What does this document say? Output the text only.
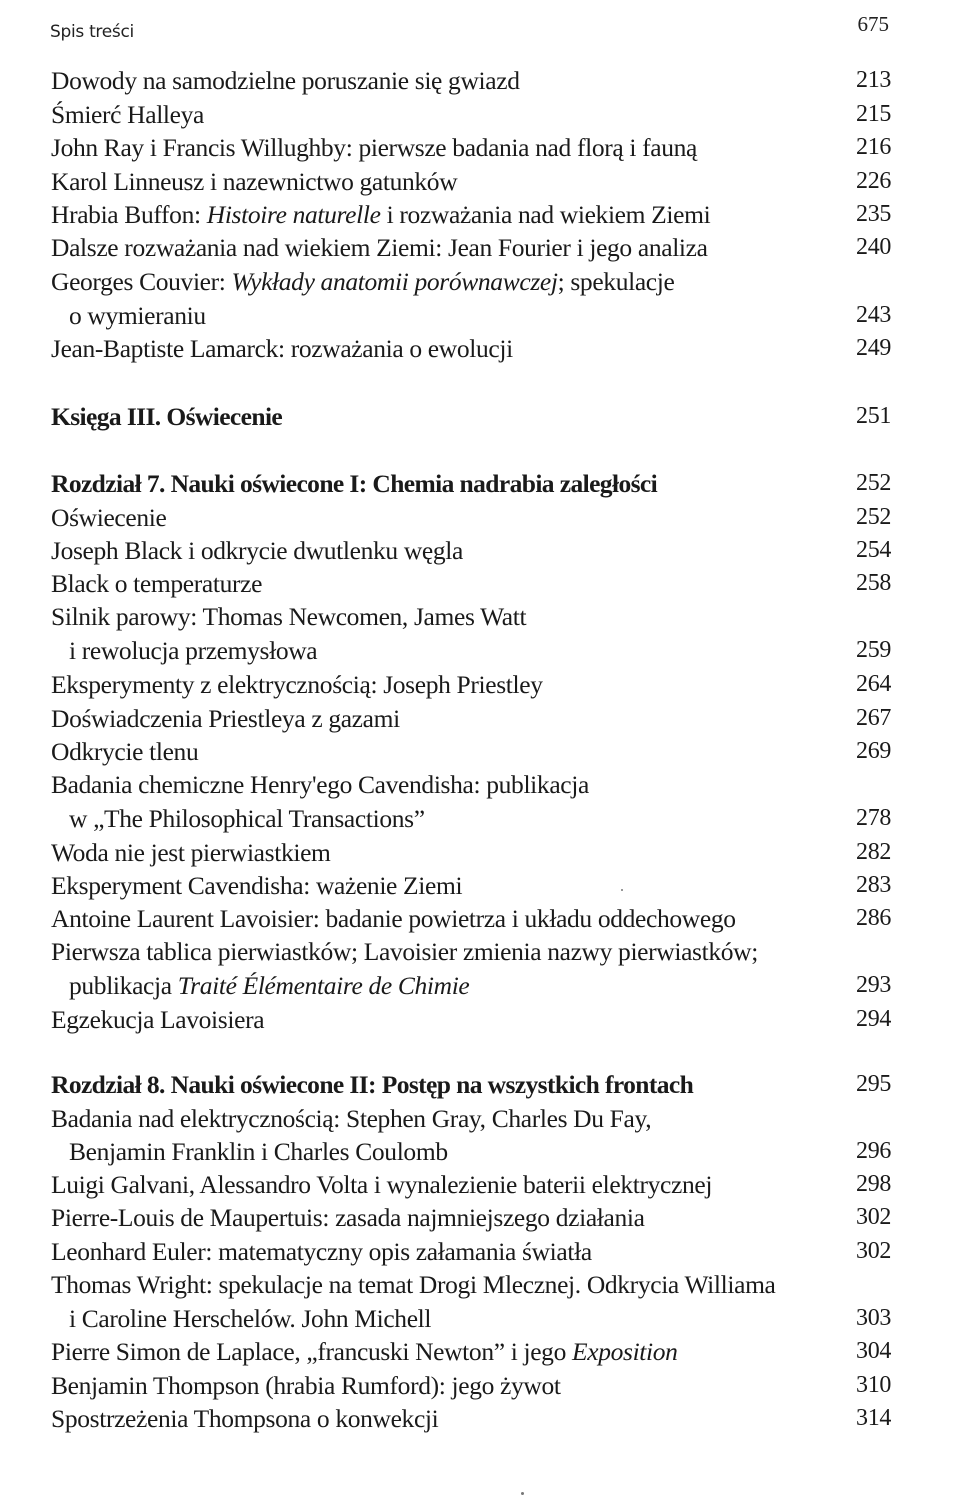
Spis treści	675
Dowody na samodzielne poruszanie się gwiazd	213
Śmierć Halleya	215
John Ray i Francis Willughby: pierwsze badania nad florą i fauną	216
Karol Linneusz i nazewnictwo gatunków	226
Hrabia Buffon: Histoire naturelle i rozważania nad wiekiem Ziemi	235
Dalsze rozważania nad wiekiem Ziemi: Jean Fourier i jego analiza	240
Georges Couvier: Wykłady anatomii porównawczej; spekulacje
o wymieraniu	243
Jean-Baptiste Lamarck: rozważania o ewolucji	249
Księga III. Oświecenie	251
Rozdział 7. Nauki oświecone I: Chemia nadrabia zaległości	252
Oświecenie	252
Joseph Black i odkrycie dwutlenku węgla	254
Black o temperaturze	258
Silnik parowy: Thomas Newcomen, James Watt
i rewolucja przemysłowa	259
Eksperymenty z elektrycznością: Joseph Priestley	264
Doświadczenia Priestleya z gazami	267
Odkrycie tlenu	269
Badania chemiczne Henry'ego Cavendisha: publikacja
w „The Philosophical Transactions”	278
Woda nie jest pierwiastkiem	282
Eksperyment Cavendisha: ważenie Ziemi	283
Antoine Laurent Lavoisier: badanie powietrza i układu oddechowego	286
Pierwsza tablica pierwiastków; Lavoisier zmienia nazwy pierwiastków;
publikacja Traité Élémentaire de Chimie	293
Egzekucja Lavoisiera	294
Rozdział 8. Nauki oświecone II: Postęp na wszystkich frontach	295
Badania nad elektrycznością: Stephen Gray, Charles Du Fay,
Benjamin Franklin i Charles Coulomb	296
Luigi Galvani, Alessandro Volta i wynalezienie baterii elektrycznej	298
Pierre-Louis de Maupertuis: zasada najmniejszego działania	302
Leonhard Euler: matematyczny opis załamania światła	302
Thomas Wright: spekulacje na temat Drogi Mlecznej. Odkrycia Williama
i Caroline Herschelów. John Michell	303
Pierre Simon de Laplace, „francuski Newton” i jego Exposition	304
Benjamin Thompson (hrabia Rumford): jego żywot	310
Spostrzeżenia Thompsona o konwekcji	314
